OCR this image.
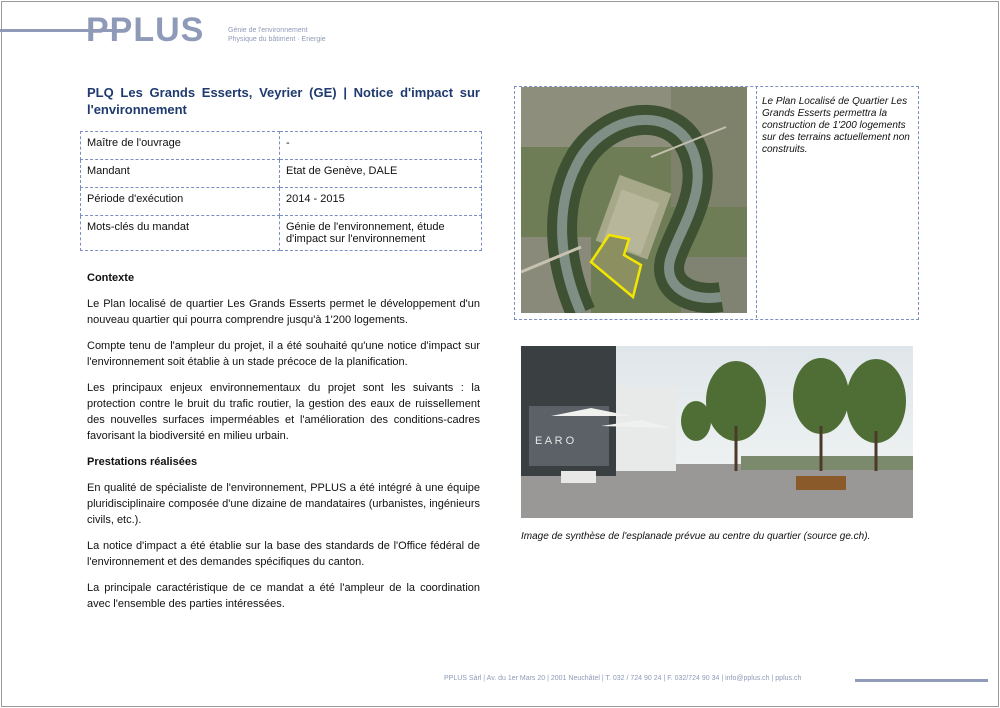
PPLUS	Génie de l'environnement
Physique du bâtiment · Energie
PLQ Les Grands Esserts, Veyrier (GE) | Notice d'impact sur l'environnement
Maître de l'ouvrage	-
Mandant	Etat de Genève, DALE
Période d'exécution	2014 - 2015
Mots-clés du mandat	Génie de l'environnement, étude d'impact sur l'environnement
Contexte

Le Plan localisé de quartier Les Grands Esserts permet le développement d'un nouveau quartier qui pourra comprendre jusqu'à 1'200 logements.

Compte tenu de l'ampleur du projet, il a été souhaité qu'une notice d'impact sur l'environnement soit établie à un stade précoce de la planification.

Les principaux enjeux environnementaux du projet sont les suivants : la protection contre le bruit du trafic routier, la gestion des eaux de ruissellement des nouvelles surfaces imperméables et l'amélioration des conditions-cadres favorisant la biodiversité en milieu urbain.

Prestations réalisées

En qualité de spécialiste de l'environnement, PPLUS a été intégré à une équipe pluridisciplinaire composée d'une dizaine de mandataires (urbanistes, ingénieurs civils, etc.).

La notice d'impact a été établie sur la base des standards de l'Office fédéral de l'environnement et des demandes spécifiques du canton.

La principale caractéristique de ce mandat a été l'ampleur de la coordination avec l'ensemble des parties intéressées.

Le Plan Localisé de Quartier Les Grands Esserts permettra la construction de 1'200 logements sur des terrains actuellement non construits.
E A R O
Image de synthèse de l'esplanade prévue au centre du quartier (source ge.ch).
PPLUS Sàrl | Av. du 1er Mars 20 | 2001 Neuchâtel | T. 032 / 724 90 24 | F. 032/724 90 34 | info@pplus.ch | pplus.ch
